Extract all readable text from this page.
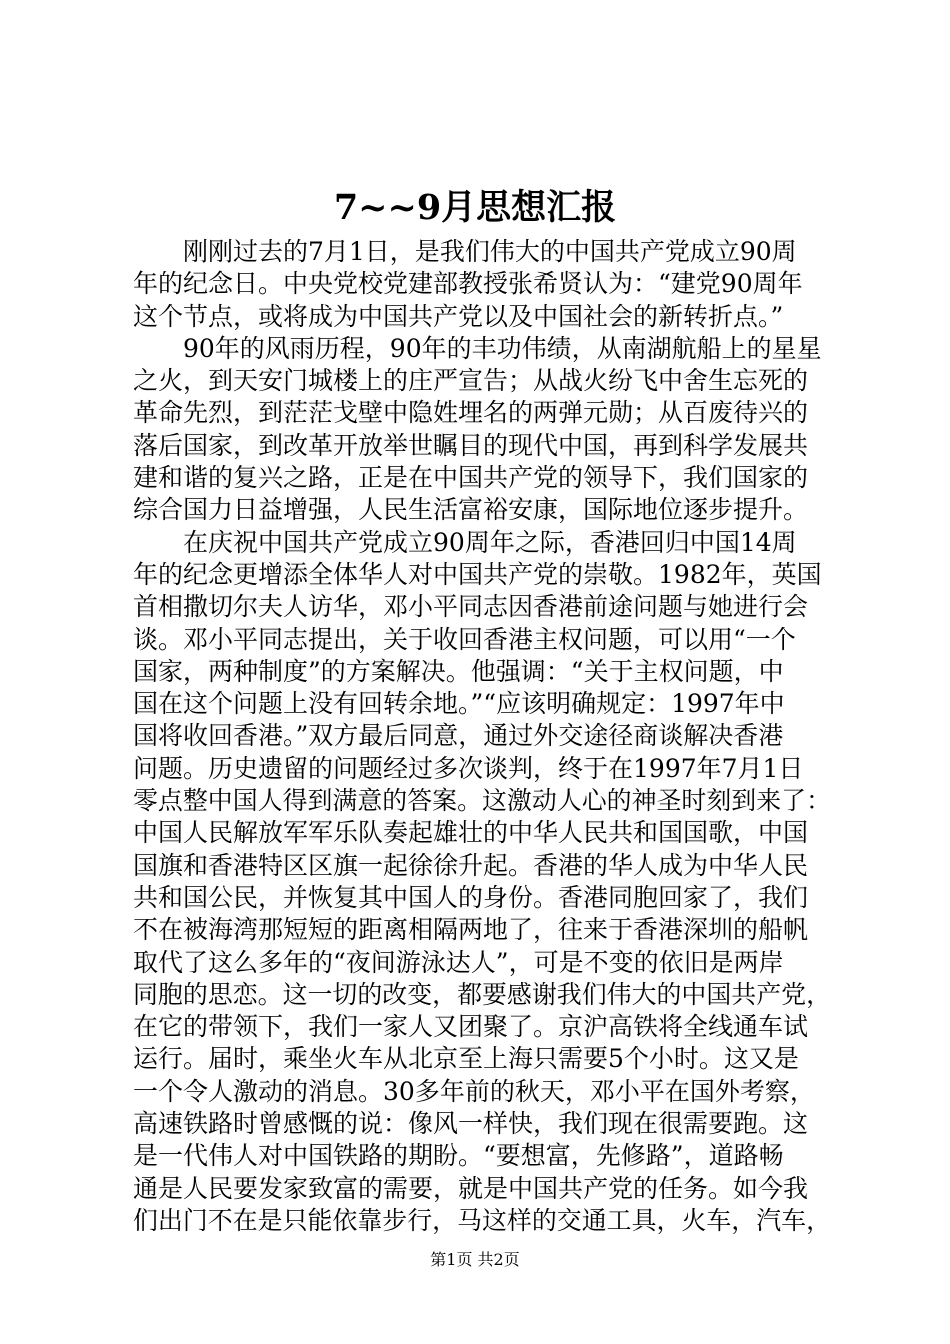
7~~9月思想汇报

　　刚刚过去的7月1日，是我们伟大的中国共产党成立90周
年的纪念日。中央党校党建部教授张希贤认为：“建党90周年
这个节点，或将成为中国共产党以及中国社会的新转折点。”

　　90年的风雨历程，90年的丰功伟绩，从南湖航船上的星星
之火，到天安门城楼上的庄严宣告；从战火纷飞中舍生忘死的
革命先烈，到茫茫戈壁中隐姓埋名的两弹元勋；从百废待兴的
落后国家，到改革开放举世瞩目的现代中国，再到科学发展共
建和谐的复兴之路，正是在中国共产党的领导下，我们国家的
综合国力日益增强，人民生活富裕安康，国际地位逐步提升。

　　在庆祝中国共产党成立90周年之际，香港回归中国14周
年的纪念更增添全体华人对中国共产党的崇敬。1982年，英国
首相撒切尔夫人访华，邓小平同志因香港前途问题与她进行会
谈。邓小平同志提出，关于收回香港主权问题，可以用“一个
国家，两种制度”的方案解决。他强调：“关于主权问题，中
国在这个问题上没有回转余地。”“应该明确规定：1997年中
国将收回香港。”双方最后同意，通过外交途径商谈解决香港
问题。历史遗留的问题经过多次谈判，终于在1997年7月1日
零点整中国人得到满意的答案。这激动人心的神圣时刻到来了：
中国人民解放军军乐队奏起雄壮的中华人民共和国国歌，中国
国旗和香港特区区旗一起徐徐升起。香港的华人成为中华人民
共和国公民，并恢复其中国人的身份。香港同胞回家了，我们
不在被海湾那短短的距离相隔两地了，往来于香港深圳的船帆
取代了这么多年的“夜间游泳达人”，可是不变的依旧是两岸
同胞的思恋。这一切的改变，都要感谢我们伟大的中国共产党，
在它的带领下，我们一家人又团聚了。京沪高铁将全线通车试
运行。届时，乘坐火车从北京至上海只需要5个小时。这又是
一个令人激动的消息。30多年前的秋天，邓小平在国外考察，
高速铁路时曾感慨的说：像风一样快，我们现在很需要跑。这
是一代伟人对中国铁路的期盼。“要想富，先修路”，道路畅
通是人民要发家致富的需要，就是中国共产党的任务。如今我
们出门不在是只能依靠步行，马这样的交通工具，火车，汽车，

第1页 共2页
